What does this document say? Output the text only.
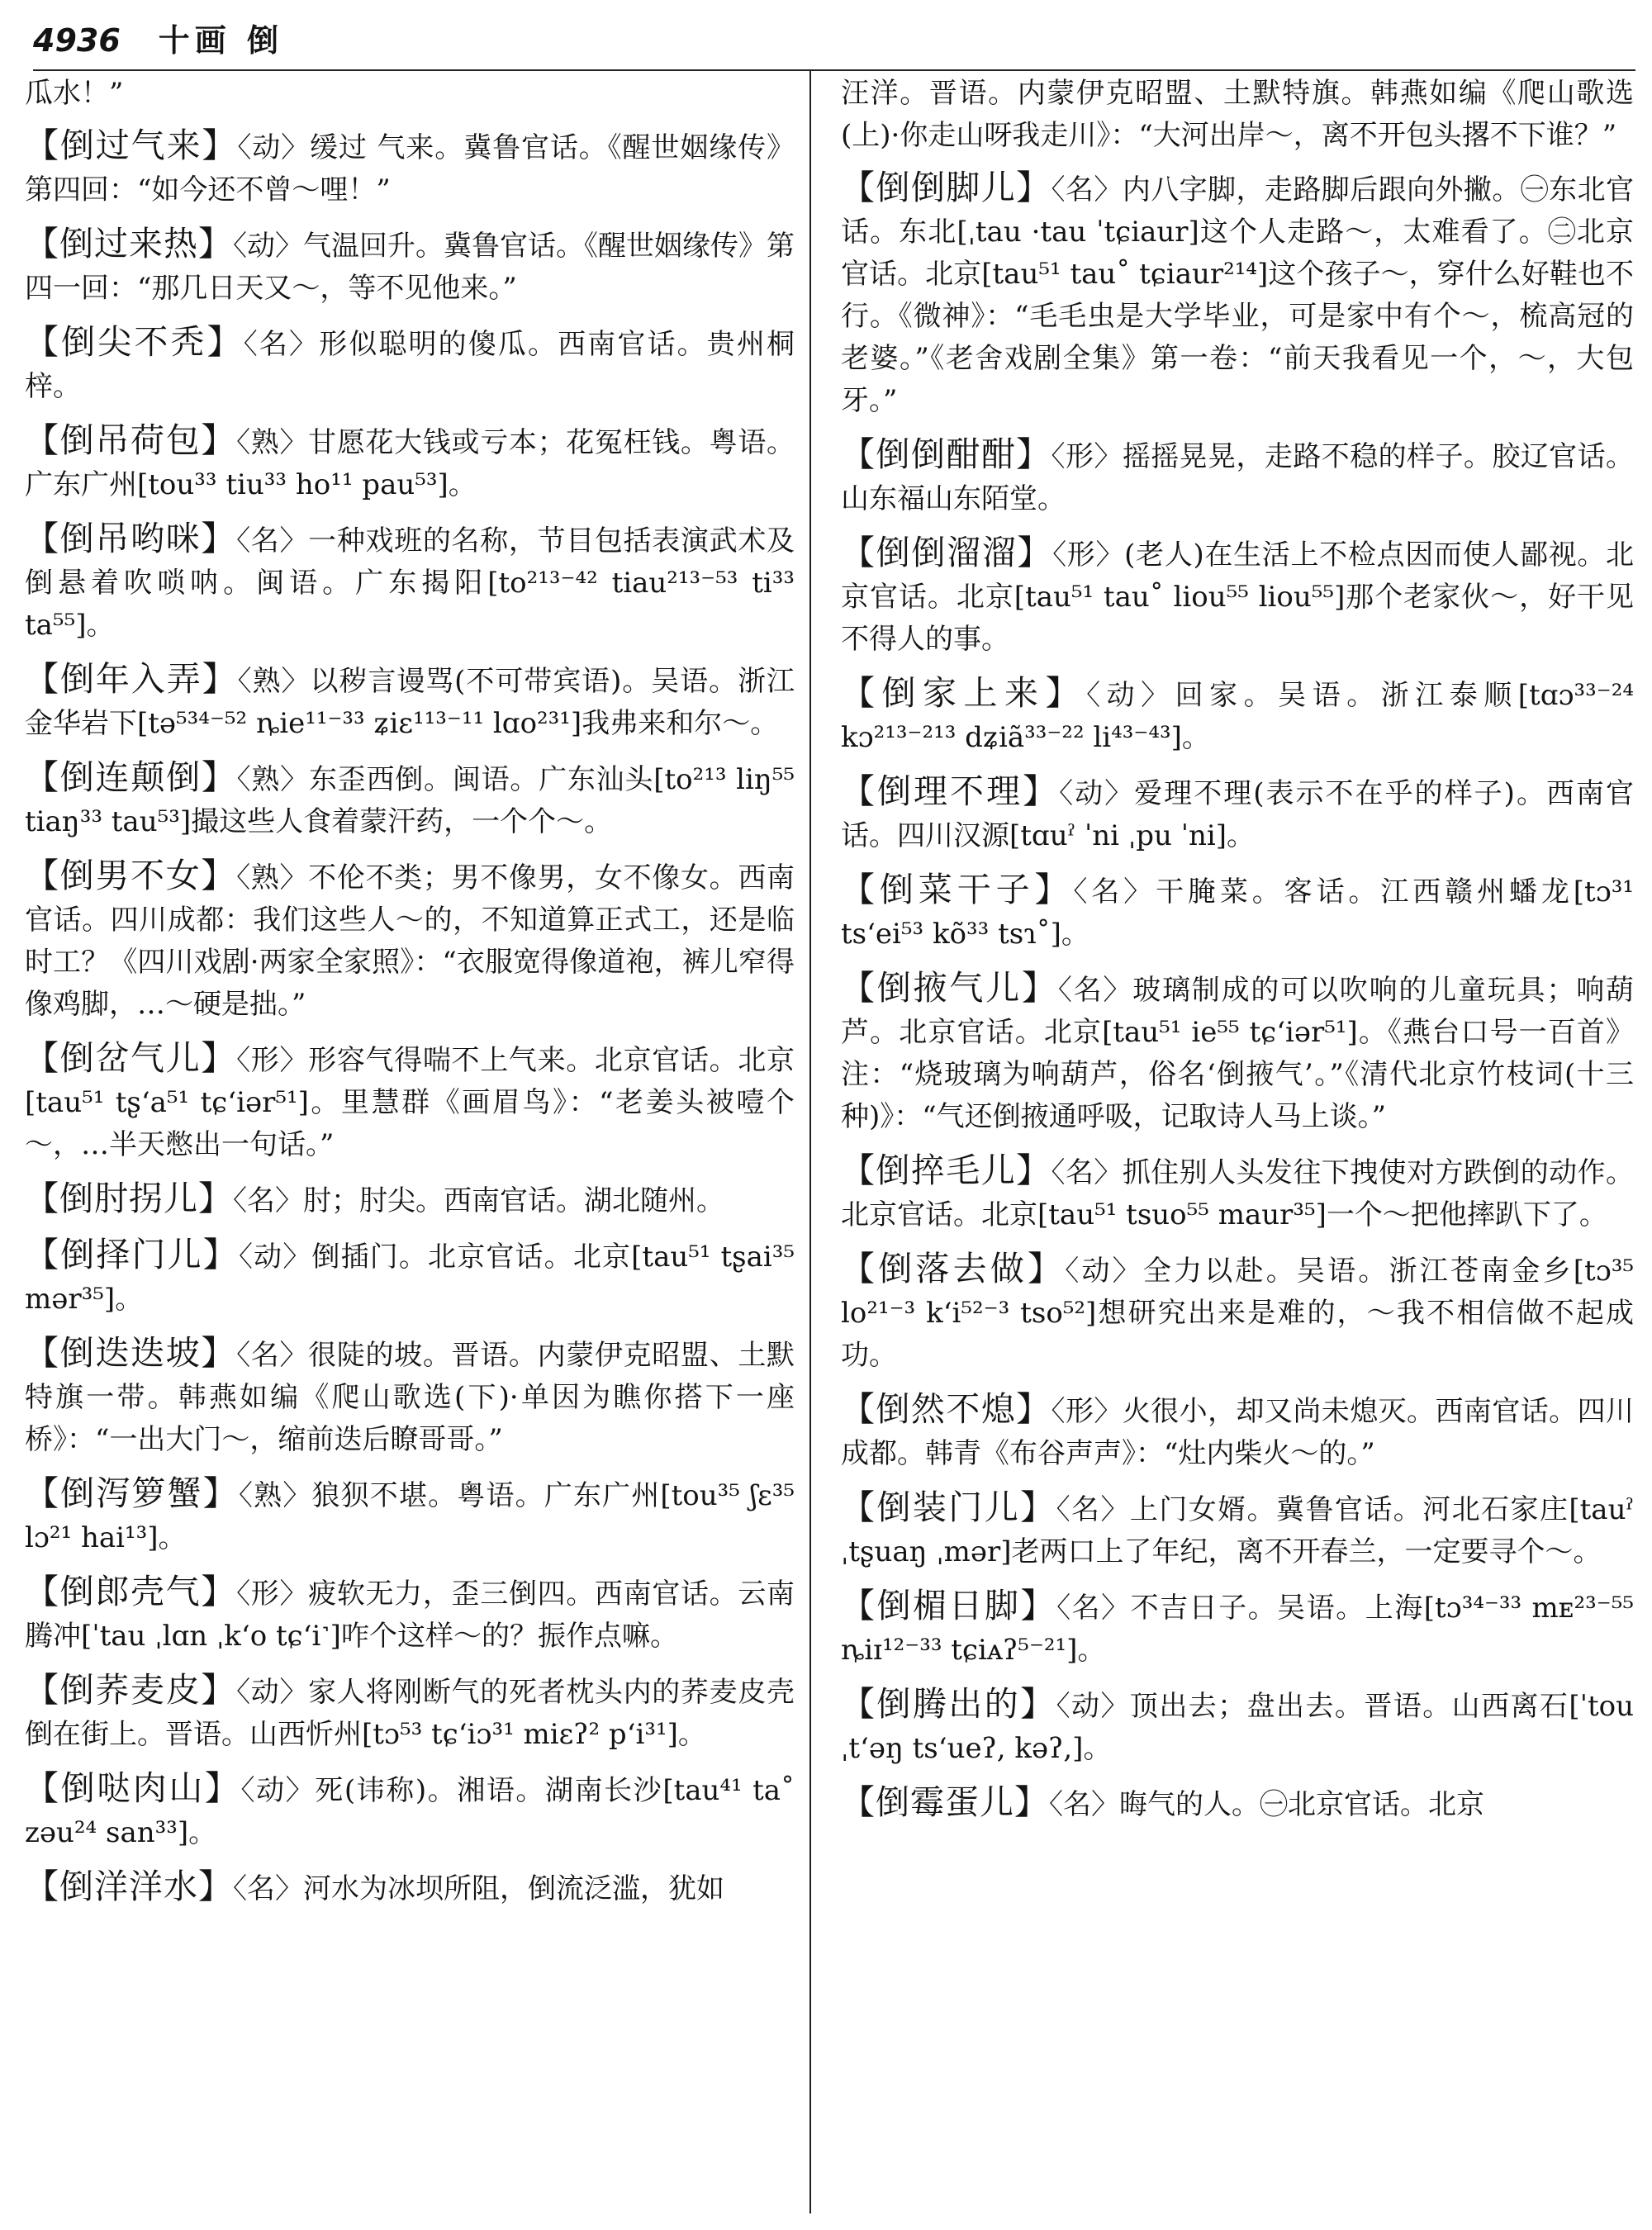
4936 十画 倒

瓜水！”

【倒过气来】〈动〉缓过 气来。冀鲁官话。《醒世姻缘传》第四回：“如今还不曾～哩！”

【倒过来热】〈动〉气温回升。冀鲁官话。《醒世姻缘传》第四一回：“那几日天又～，等不见他来。”

【倒尖不秃】〈名〉形似聪明的傻瓜。西南官话。贵州桐梓。

【倒吊荷包】〈熟〉甘愿花大钱或亏本；花冤枉钱。粤语。广东广州[tou³³ tiu³³ ho¹¹ pau⁵³]。

【倒吊哟咪】〈名〉一种戏班的名称，节目包括表演武术及倒悬着吹唢呐。闽语。广东揭阳[to²¹³⁻⁴² tiau²¹³⁻⁵³ ti³³ ta⁵⁵]。

【倒年入弄】〈熟〉以秽言谩骂(不可带宾语)。吴语。浙江金华岩下[tə⁵³⁴⁻⁵² ȵie¹¹⁻³³ ʑiɛ¹¹³⁻¹¹ lɑo²³¹]我弗来和尔～。

【倒连颠倒】〈熟〉东歪西倒。闽语。广东汕头[to²¹³ liŋ⁵⁵ tiaŋ³³ tau⁵³]撮这些人食着蒙汗药，一个个～。

【倒男不女】〈熟〉不伦不类；男不像男，女不像女。西南官话。四川成都：我们这些人～的，不知道算正式工，还是临时工？《四川戏剧·两家全家照》：“衣服宽得像道袍，裤儿窄得像鸡脚，…～硬是拙。”

【倒岔气儿】〈形〉形容气得喘不上气来。北京官话。北京[tau⁵¹ tʂ‘a⁵¹ tɕ‘iər⁵¹]。里慧群《画眉鸟》：“老姜头被噎个～，…半天憋出一句话。”

【倒肘拐儿】〈名〉肘；肘尖。西南官话。湖北随州。

【倒择门儿】〈动〉倒插门。北京官话。北京[tau⁵¹ tʂai³⁵ mər³⁵]。

【倒迭迭坡】〈名〉很陡的坡。晋语。内蒙伊克昭盟、土默特旗一带。韩燕如编《爬山歌选(下)·单因为瞧你搭下一座桥》：“一出大门～，缩前迭后瞭哥哥。”

【倒泻箩蟹】〈熟〉狼狈不堪。粤语。广东广州[tou³⁵ ʃɛ³⁵ lɔ²¹ hai¹³]。

【倒郎壳气】〈形〉疲软无力，歪三倒四。西南官话。云南腾冲[ˈtau ˌlɑn ˌk‘o tɕ‘i˺]咋个这样～的？振作点嘛。

【倒荞麦皮】〈动〉家人将刚断气的死者枕头内的荞麦皮壳倒在街上。晋语。山西忻州[tɔ⁵³ tɕ‘iɔ³¹ miɛʔ² p‘i³¹]。

【倒哒肉山】〈动〉死(讳称)。湘语。湖南长沙[tau⁴¹ ta˚ zəu²⁴ san³³]。

【倒洋洋水】〈名〉河水为冰坝所阻，倒流泛滥，犹如

汪洋。晋语。内蒙伊克昭盟、土默特旗。韩燕如编《爬山歌选(上)·你走山呀我走川》：“大河出岸～，离不开包头撂不下谁？”

【倒倒脚儿】〈名〉内八字脚，走路脚后跟向外撇。㊀东北官话。东北[ˌtau ·tau ˈtɕiaur]这个人走路～，太难看了。㊁北京官话。北京[tau⁵¹ tau˚ tɕiaur²¹⁴]这个孩子～，穿什么好鞋也不行。《微神》：“毛毛虫是大学毕业，可是家中有个～，梳高冠的老婆。”《老舍戏剧全集》第一卷：“前天我看见一个，～，大包牙。”

【倒倒酣酣】〈形〉摇摇晃晃，走路不稳的样子。胶辽官话。山东福山东陌堂。

【倒倒溜溜】〈形〉(老人)在生活上不检点因而使人鄙视。北京官话。北京[tau⁵¹ tau˚ liou⁵⁵ liou⁵⁵]那个老家伙～，好干见不得人的事。

【倒家上来】〈动〉回家。吴语。浙江泰顺[tɑɔ³³⁻²⁴ kɔ²¹³⁻²¹³ dʑiã³³⁻²² li⁴³⁻⁴³]。

【倒理不理】〈动〉爱理不理(表示不在乎的样子)。西南官话。四川汉源[tɑuˀ ˈni ˌpu ˈni]。

【倒菜干子】〈名〉干腌菜。客话。江西赣州蟠龙[tɔ³¹ ts‘ei⁵³ kõ³³ tsɿ˚]。

【倒掖气儿】〈名〉玻璃制成的可以吹响的儿童玩具；响葫芦。北京官话。北京[tau⁵¹ ie⁵⁵ tɕ‘iər⁵¹]。《燕台口号一百首》注：“烧玻璃为响葫芦，俗名‘倒掖气’。”《清代北京竹枝词(十三种)》：“气还倒掖通呼吸，记取诗人马上谈。”

【倒捽毛儿】〈名〉抓住别人头发往下拽使对方跌倒的动作。北京官话。北京[tau⁵¹ tsuo⁵⁵ maur³⁵]一个～把他摔趴下了。

【倒落去做】〈动〉全力以赴。吴语。浙江苍南金乡[tɔ³⁵ lo²¹⁻³ k‘i⁵²⁻³ tso⁵²]想研究出来是难的，～我不相信做不起成功。

【倒然不熄】〈形〉火很小，却又尚未熄灭。西南官话。四川成都。韩青《布谷声声》：“灶内柴火～的。”

【倒装门儿】〈名〉上门女婿。冀鲁官话。河北石家庄[tauˀ ˌtʂuaŋ ˌmər]老两口上了年纪，离不开春兰，一定要寻个～。

【倒楣日脚】〈名〉不吉日子。吴语。上海[tɔ³⁴⁻³³ mᴇ²³⁻⁵⁵ ȵiɪ¹²⁻³³ tɕiᴀʔ⁵⁻²¹]。

【倒腾出的】〈动〉顶出去；盘出去。晋语。山西离石[ˈtou ˌt‘əŋ ts‘ueʔ, kəʔ,]。

【倒霉蛋儿】〈名〉晦气的人。㊀北京官话。北京
